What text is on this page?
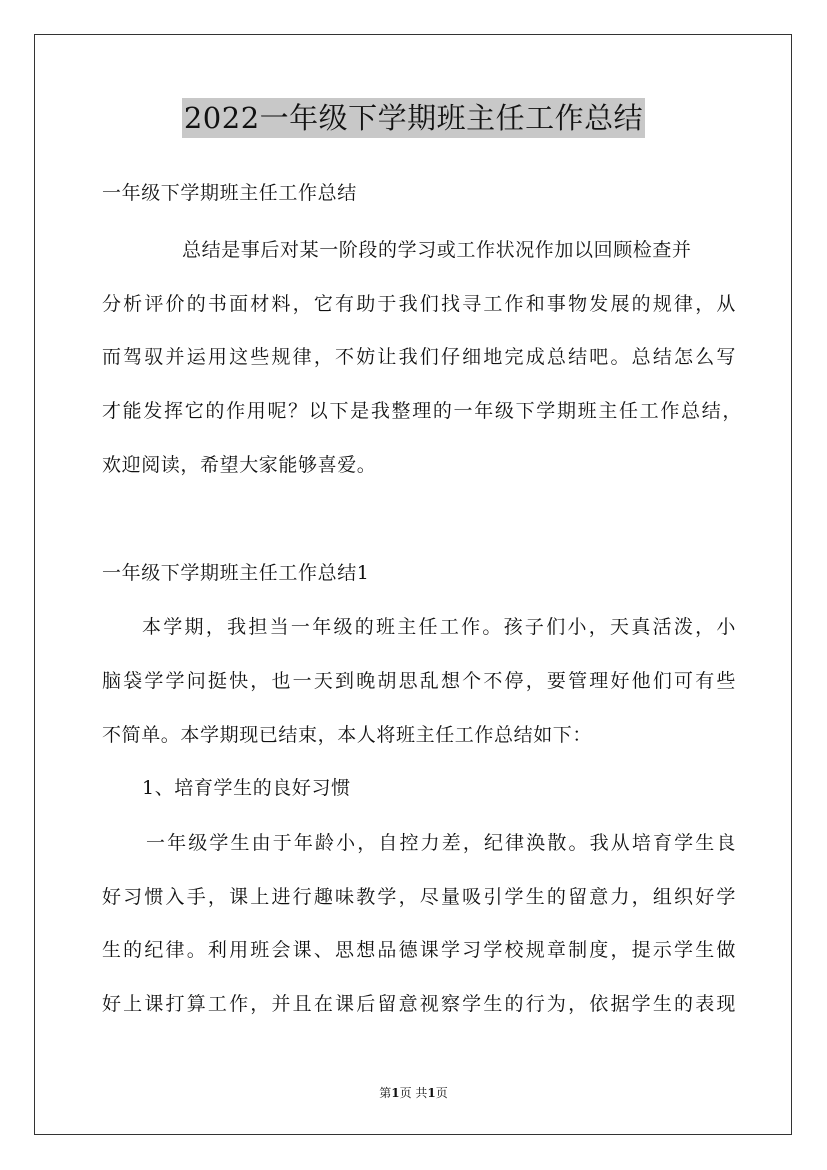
2022一年级下学期班主任工作总结
一年级下学期班主任工作总结
总结是事后对某一阶段的学习或工作状况作加以回顾检查并
分析评价的书面材料，它有助于我们找寻工作和事物发展的规律，从
而驾驭并运用这些规律，不妨让我们仔细地完成总结吧。总结怎么写
才能发挥它的作用呢？以下是我整理的一年级下学期班主任工作总结，
欢迎阅读，希望大家能够喜爱。
一年级下学期班主任工作总结1
本学期，我担当一年级的班主任工作。孩子们小，天真活泼，小
脑袋学学问挺快，也一天到晚胡思乱想个不停，要管理好他们可有些
不简单。本学期现已结束，本人将班主任工作总结如下：
1、培育学生的良好习惯
一年级学生由于年龄小，自控力差，纪律涣散。我从培育学生良
好习惯入手，课上进行趣味教学，尽量吸引学生的留意力，组织好学
生的纪律。利用班会课、思想品德课学习学校规章制度，提示学生做
好上课打算工作，并且在课后留意视察学生的行为，依据学生的表现
第1页 共1页
